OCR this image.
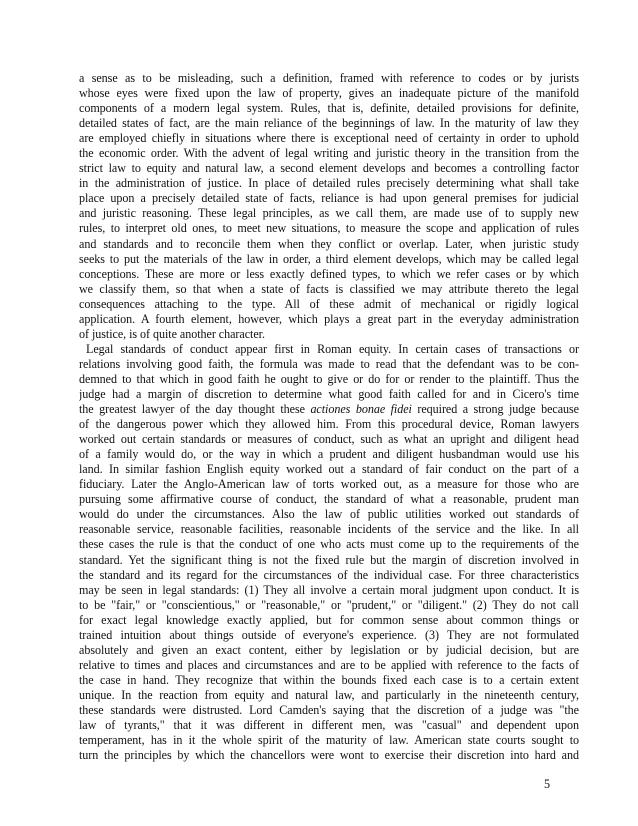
a sense as to be misleading, such a definition, framed with reference to codes or by jurists
whose eyes were fixed upon the law of property, gives an inadequate picture of the manifold
components of a modern legal system. Rules, that is, definite, detailed provisions for definite,
detailed states of fact, are the main reliance of the beginnings of law. In the maturity of law they
are employed chiefly in situations where there is exceptional need of certainty in order to uphold
the economic order. With the advent of legal writing and juristic theory in the transition from the
strict law to equity and natural law, a second element develops and becomes a controlling factor
in the administration of justice. In place of detailed rules precisely determining what shall take
place upon a precisely detailed state of facts, reliance is had upon general premises for judicial
and juristic reasoning. These legal principles, as we call them, are made use of to supply new
rules, to interpret old ones, to meet new situations, to measure the scope and application of rules
and standards and to reconcile them when they conflict or overlap. Later, when juristic study
seeks to put the materials of the law in order, a third element develops, which may be called legal
conceptions. These are more or less exactly defined types, to which we refer cases or by which
we classify them, so that when a state of facts is classified we may attribute thereto the legal
consequences attaching to the type. All of these admit of mechanical or rigidly logical
application. A fourth element, however, which plays a great part in the everyday administration
of justice, is of quite another character.
Legal standards of conduct appear first in Roman equity. In certain cases of transactions or
relations involving good faith, the formula was made to read that the defendant was to be con-
demned to that which in good faith he ought to give or do for or render to the plaintiff. Thus the
judge had a margin of discretion to determine what good faith called for and in Cicero's time
the greatest lawyer of the day thought these actiones bonae fidei required a strong judge because
of the dangerous power which they allowed him. From this procedural device, Roman lawyers
worked out certain standards or measures of conduct, such as what an upright and diligent head
of a family would do, or the way in which a prudent and diligent husbandman would use his
land. In similar fashion English equity worked out a standard of fair conduct on the part of a
fiduciary. Later the Anglo-American law of torts worked out, as a measure for those who are
pursuing some affirmative course of conduct, the standard of what a reasonable, prudent man
would do under the circumstances. Also the law of public utilities worked out standards of
reasonable service, reasonable facilities, reasonable incidents of the service and the like. In all
these cases the rule is that the conduct of one who acts must come up to the requirements of the
standard. Yet the significant thing is not the fixed rule but the margin of discretion involved in
the standard and its regard for the circumstances of the individual case. For three characteristics
may be seen in legal standards: (1) They all involve a certain moral judgment upon conduct. It is
to be "fair," or "conscientious," or "reasonable," or "prudent," or "diligent." (2) They do not call
for exact legal knowledge exactly applied, but for common sense about common things or
trained intuition about things outside of everyone's experience. (3) They are not formulated
absolutely and given an exact content, either by legislation or by judicial decision, but are
relative to times and places and circumstances and are to be applied with reference to the facts of
the case in hand. They recognize that within the bounds fixed each case is to a certain extent
unique. In the reaction from equity and natural law, and particularly in the nineteenth century,
these standards were distrusted. Lord Camden's saying that the discretion of a judge was "the
law of tyrants," that it was different in different men, was "casual" and dependent upon
temperament, has in it the whole spirit of the maturity of law. American state courts sought to
turn the principles by which the chancellors were wont to exercise their discretion into hard and
5
